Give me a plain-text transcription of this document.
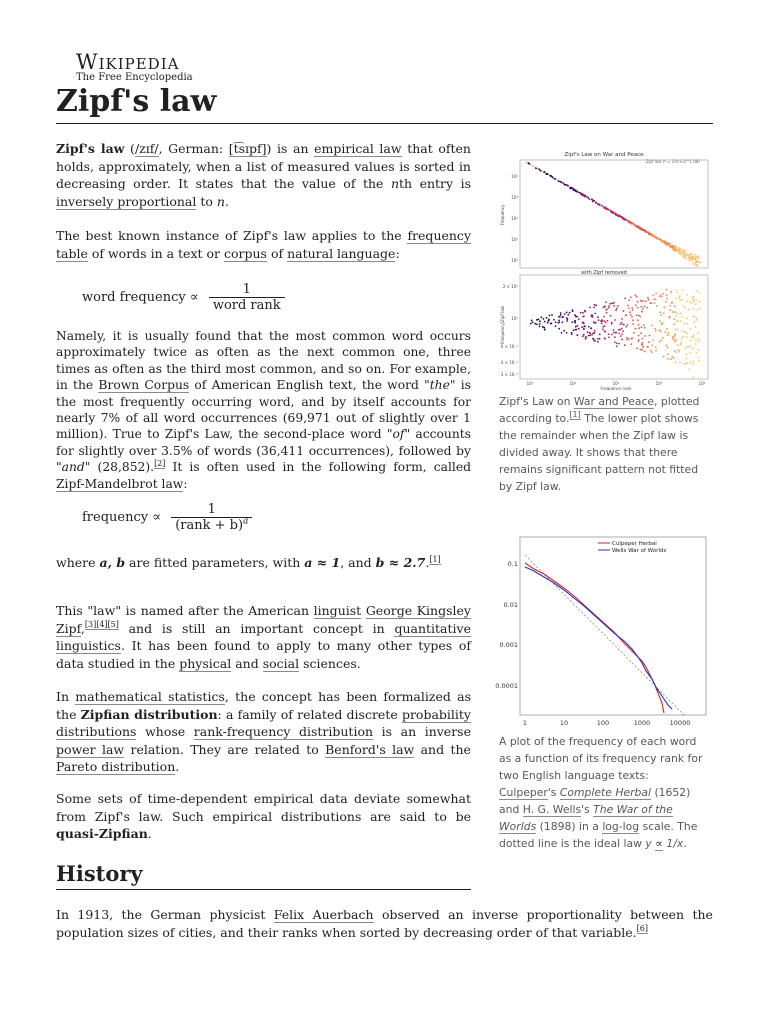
Wikipedia
The Free Encyclopedia
Zipf's law

Zipf's law (/zɪf/, German: [t͡sɪpf]) is an empirical law that often holds, approximately, when a list of measured values is sorted in decreasing order. It states that the value of the nth entry is inversely proportional to n.

The best known instance of Zipf's law applies to the frequency table of words in a text or corpus of natural language:

word frequency ∝ $\frac{1}{\text{word rank}}$

Namely, it is usually found that the most common word occurs approximately twice as often as the next common one, three times as often as the third most common, and so on. For example, in the Brown Corpus of American English text, the word "the" is the most frequently occurring word, and by itself accounts for nearly 7% of all word occurrences (69,971 out of slightly over 1 million). True to Zipf's Law, the second-place word "of" accounts for slightly over 3.5% of words (36,411 occurrences), followed by "and" (28,852).[2] It is often used in the following form, called Zipf-Mandelbrot law:

frequency ∝ $\frac{1}{(rank + b)^a}$

where a, b are fitted parameters, with a ≈ 1, and b ≈ 2.7.[1]

This "law" is named after the American linguist George Kingsley Zipf,[3][4][5] and is still an important concept in quantitative linguistics. It has been found to apply to many other types of data studied in the physical and social sciences.

In mathematical statistics, the concept has been formalized as the Zipfian distribution: a family of related discrete probability distributions whose rank-frequency distribution is an inverse power law relation. They are related to Benford's law and the Pareto distribution.

Some sets of time-dependent empirical data deviate somewhat from Zipf's law. Such empirical distributions are said to be quasi-Zipfian.

History

In 1913, the German physicist Felix Auerbach observed an inverse proportionality between the population sizes of cities, and their ranks when sorted by decreasing order of that variable.[6]

Zipf's Law on War and Peace
Zipf law (f = 1/(r+2)^1.08)
Frequency
10⁴
10³
10²
10¹
10⁰
with Zipf removed
Frequency/Zipf law
2 × 10⁰
10⁰
6 × 10⁻¹
4 × 10⁻¹
3 × 10⁻¹
10⁰	10¹	10²	10³	10⁴
Frequency rank
Zipf's Law on War and Peace, plotted according to.[1] The lower plot shows the remainder when the Zipf law is divided away. It shows that there remains significant pattern not fitted by Zipf law.
0.1
0.01
0.001
0.0001
1	10	100	1000	10000
Culpeper Herbal
Wells War of Worlds
A plot of the frequency of each word as a function of its frequency rank for two English language texts: Culpeper's Complete Herbal (1652) and H. G. Wells's The War of the Worlds (1898) in a log-log scale. The dotted line is the ideal law y ∝ 1/x.
